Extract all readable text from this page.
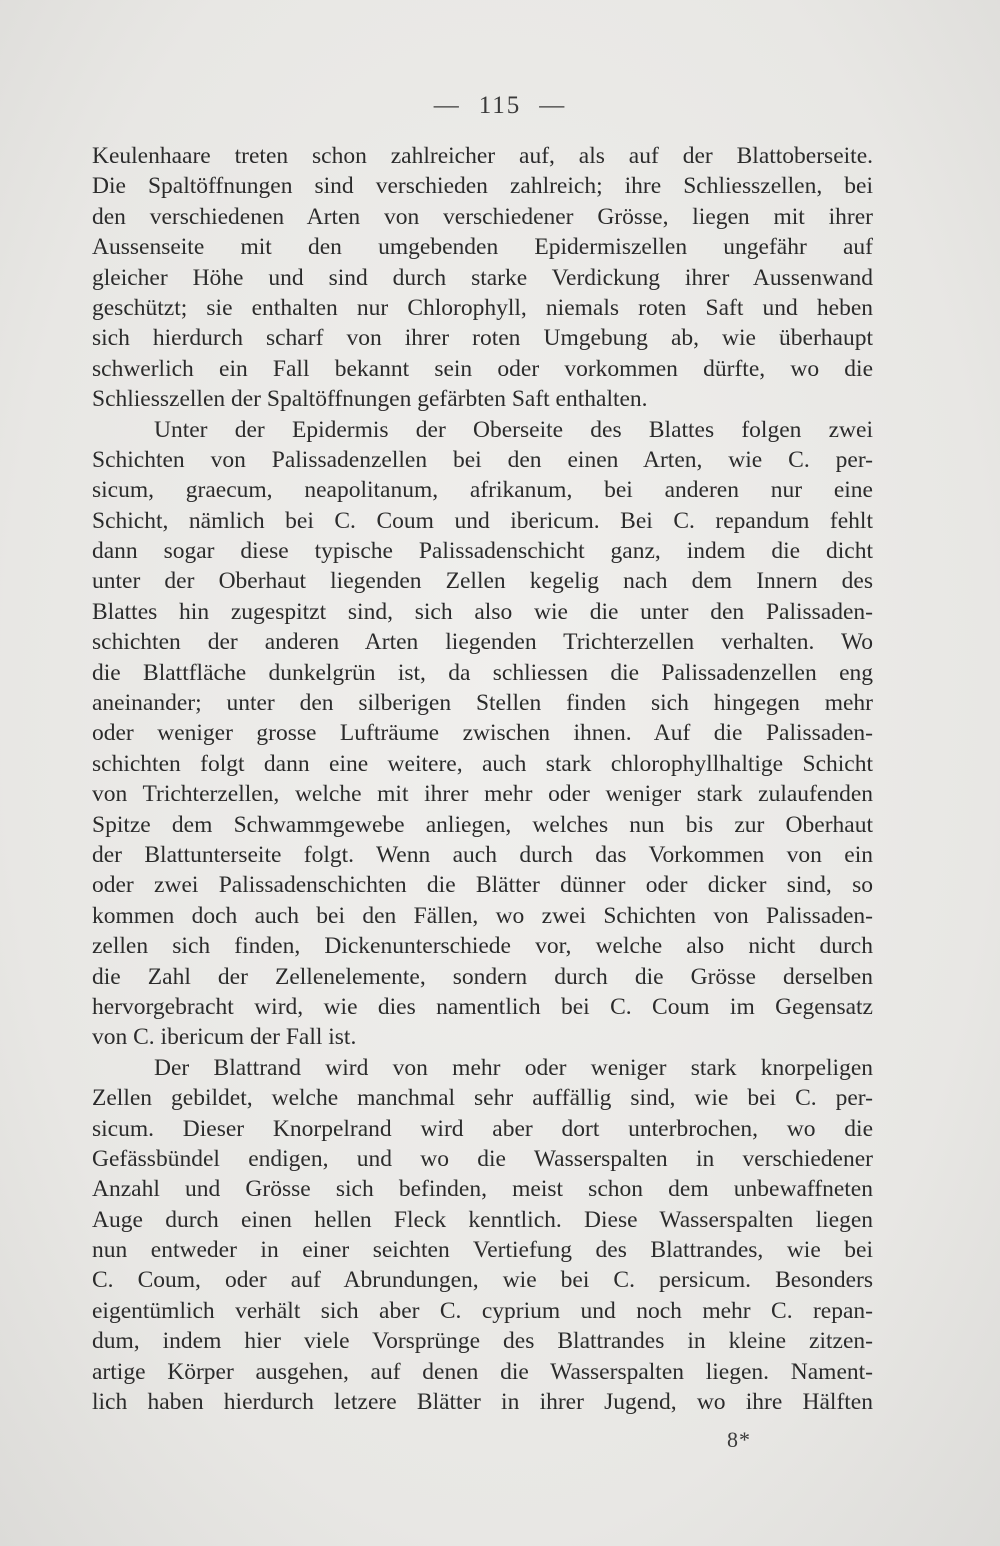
— 115 —
Keulenhaare treten schon zahlreicher auf, als auf der Blattoberseite.
Die Spaltöffnungen sind verschieden zahlreich; ihre Schliesszellen, bei
den verschiedenen Arten von verschiedener Grösse, liegen mit ihrer
Aussenseite mit den umgebenden Epidermiszellen ungefähr auf
gleicher Höhe und sind durch starke Verdickung ihrer Aussenwand
geschützt; sie enthalten nur Chlorophyll, niemals roten Saft und heben
sich hierdurch scharf von ihrer roten Umgebung ab, wie überhaupt
schwerlich ein Fall bekannt sein oder vorkommen dürfte, wo die
Schliesszellen der Spaltöffnungen gefärbten Saft enthalten.
Unter der Epidermis der Oberseite des Blattes folgen zwei
Schichten von Palissadenzellen bei den einen Arten, wie C. per-
sicum, graecum, neapolitanum, afrikanum, bei anderen nur eine
Schicht, nämlich bei C. Coum und ibericum. Bei C. repandum fehlt
dann sogar diese typische Palissadenschicht ganz, indem die dicht
unter der Oberhaut liegenden Zellen kegelig nach dem Innern des
Blattes hin zugespitzt sind, sich also wie die unter den Palissaden-
schichten der anderen Arten liegenden Trichterzellen verhalten. Wo
die Blattfläche dunkelgrün ist, da schliessen die Palissadenzellen eng
aneinander; unter den silberigen Stellen finden sich hingegen mehr
oder weniger grosse Lufträume zwischen ihnen. Auf die Palissaden-
schichten folgt dann eine weitere, auch stark chlorophyllhaltige Schicht
von Trichterzellen, welche mit ihrer mehr oder weniger stark zulaufenden
Spitze dem Schwammgewebe anliegen, welches nun bis zur Oberhaut
der Blattunterseite folgt. Wenn auch durch das Vorkommen von ein
oder zwei Palissadenschichten die Blätter dünner oder dicker sind, so
kommen doch auch bei den Fällen, wo zwei Schichten von Palissaden-
zellen sich finden, Dickenunterschiede vor, welche also nicht durch
die Zahl der Zellenelemente, sondern durch die Grösse derselben
hervorgebracht wird, wie dies namentlich bei C. Coum im Gegensatz
von C. ibericum der Fall ist.
Der Blattrand wird von mehr oder weniger stark knorpeligen
Zellen gebildet, welche manchmal sehr auffällig sind, wie bei C. per-
sicum. Dieser Knorpelrand wird aber dort unterbrochen, wo die
Gefässbündel endigen, und wo die Wasserspalten in verschiedener
Anzahl und Grösse sich befinden, meist schon dem unbewaffneten
Auge durch einen hellen Fleck kenntlich. Diese Wasserspalten liegen
nun entweder in einer seichten Vertiefung des Blattrandes, wie bei
C. Coum, oder auf Abrundungen, wie bei C. persicum. Besonders
eigentümlich verhält sich aber C. cyprium und noch mehr C. repan-
dum, indem hier viele Vorsprünge des Blattrandes in kleine zitzen-
artige Körper ausgehen, auf denen die Wasserspalten liegen. Nament-
lich haben hierdurch letzere Blätter in ihrer Jugend, wo ihre Hälften
8*
